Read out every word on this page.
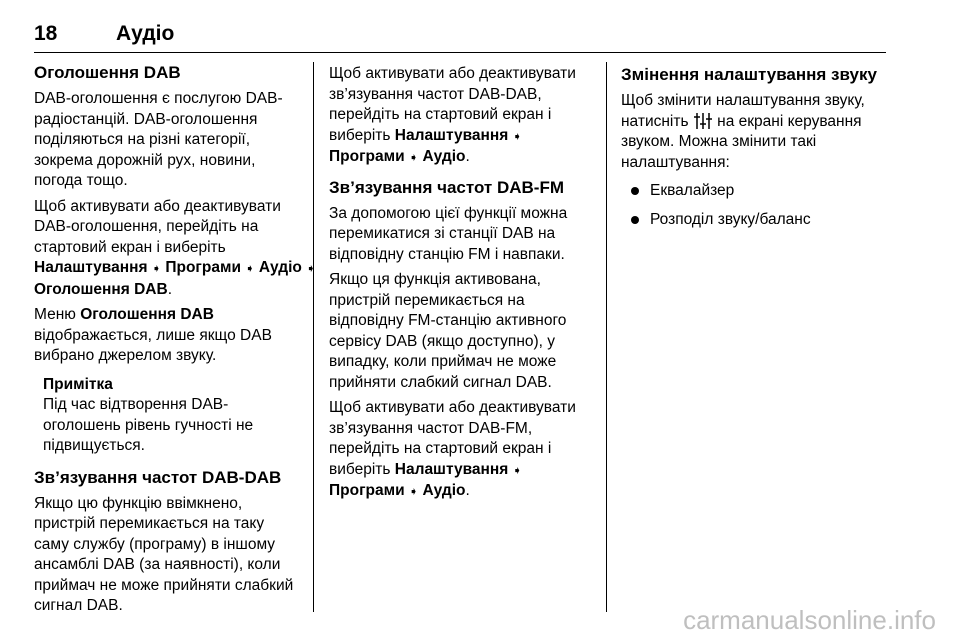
18	Аудіо
Оголошення DAB

DAB-оголошення є послугою DAB-радіостанцій. DAB-оголошення поділяються на різні категорії, зокрема дорожній рух, новини, погода тощо.

Щоб активувати або деактивувати DAB-оголошення, перейдіть на стартовий екран і виберіть
Налаштування ➧ Програми ➧ Аудіо ➧
Оголошення DAB.

Меню Оголошення DAB
відображається, лише якщо DAB вибрано джерелом звуку.

Примітка
Під час відтворення DAB-оголошень рівень гучності не підвищується.
Зв’язування частот DAB-DAB

Якщо цю функцію ввімкнено, пристрій перемикається на таку саму службу (програму) в іншому ансамблі DAB (за наявності), коли приймач не може прийняти слабкий сигнал DAB.

Щоб активувати або деактивувати зв’язування частот DAB-DAB, перейдіть на стартовий екран і виберіть Налаштування ➧
Програми ➧ Аудіо.

Зв’язування частот DAB-FM

За допомогою цієї функції можна перемикатися зі станції DAB на відповідну станцію FM і навпаки.

Якщо ця функція активована, пристрій перемикається на відповідну FM-станцію активного сервісу DAB (якщо доступно), у випадку, коли приймач не може прийняти слабкий сигнал DAB.

Щоб активувати або деактивувати зв’язування частот DAB-FM, перейдіть на стартовий екран і виберіть Налаштування ➧
Програми ➧ Аудіо.

Змінення налаштування звуку

Щоб змінити налаштування звуку, натисніть на екрані керування звуком. Можна змінити такі налаштування:

Еквалайзер
Розподіл звуку/баланс
carmanualsonline.info
